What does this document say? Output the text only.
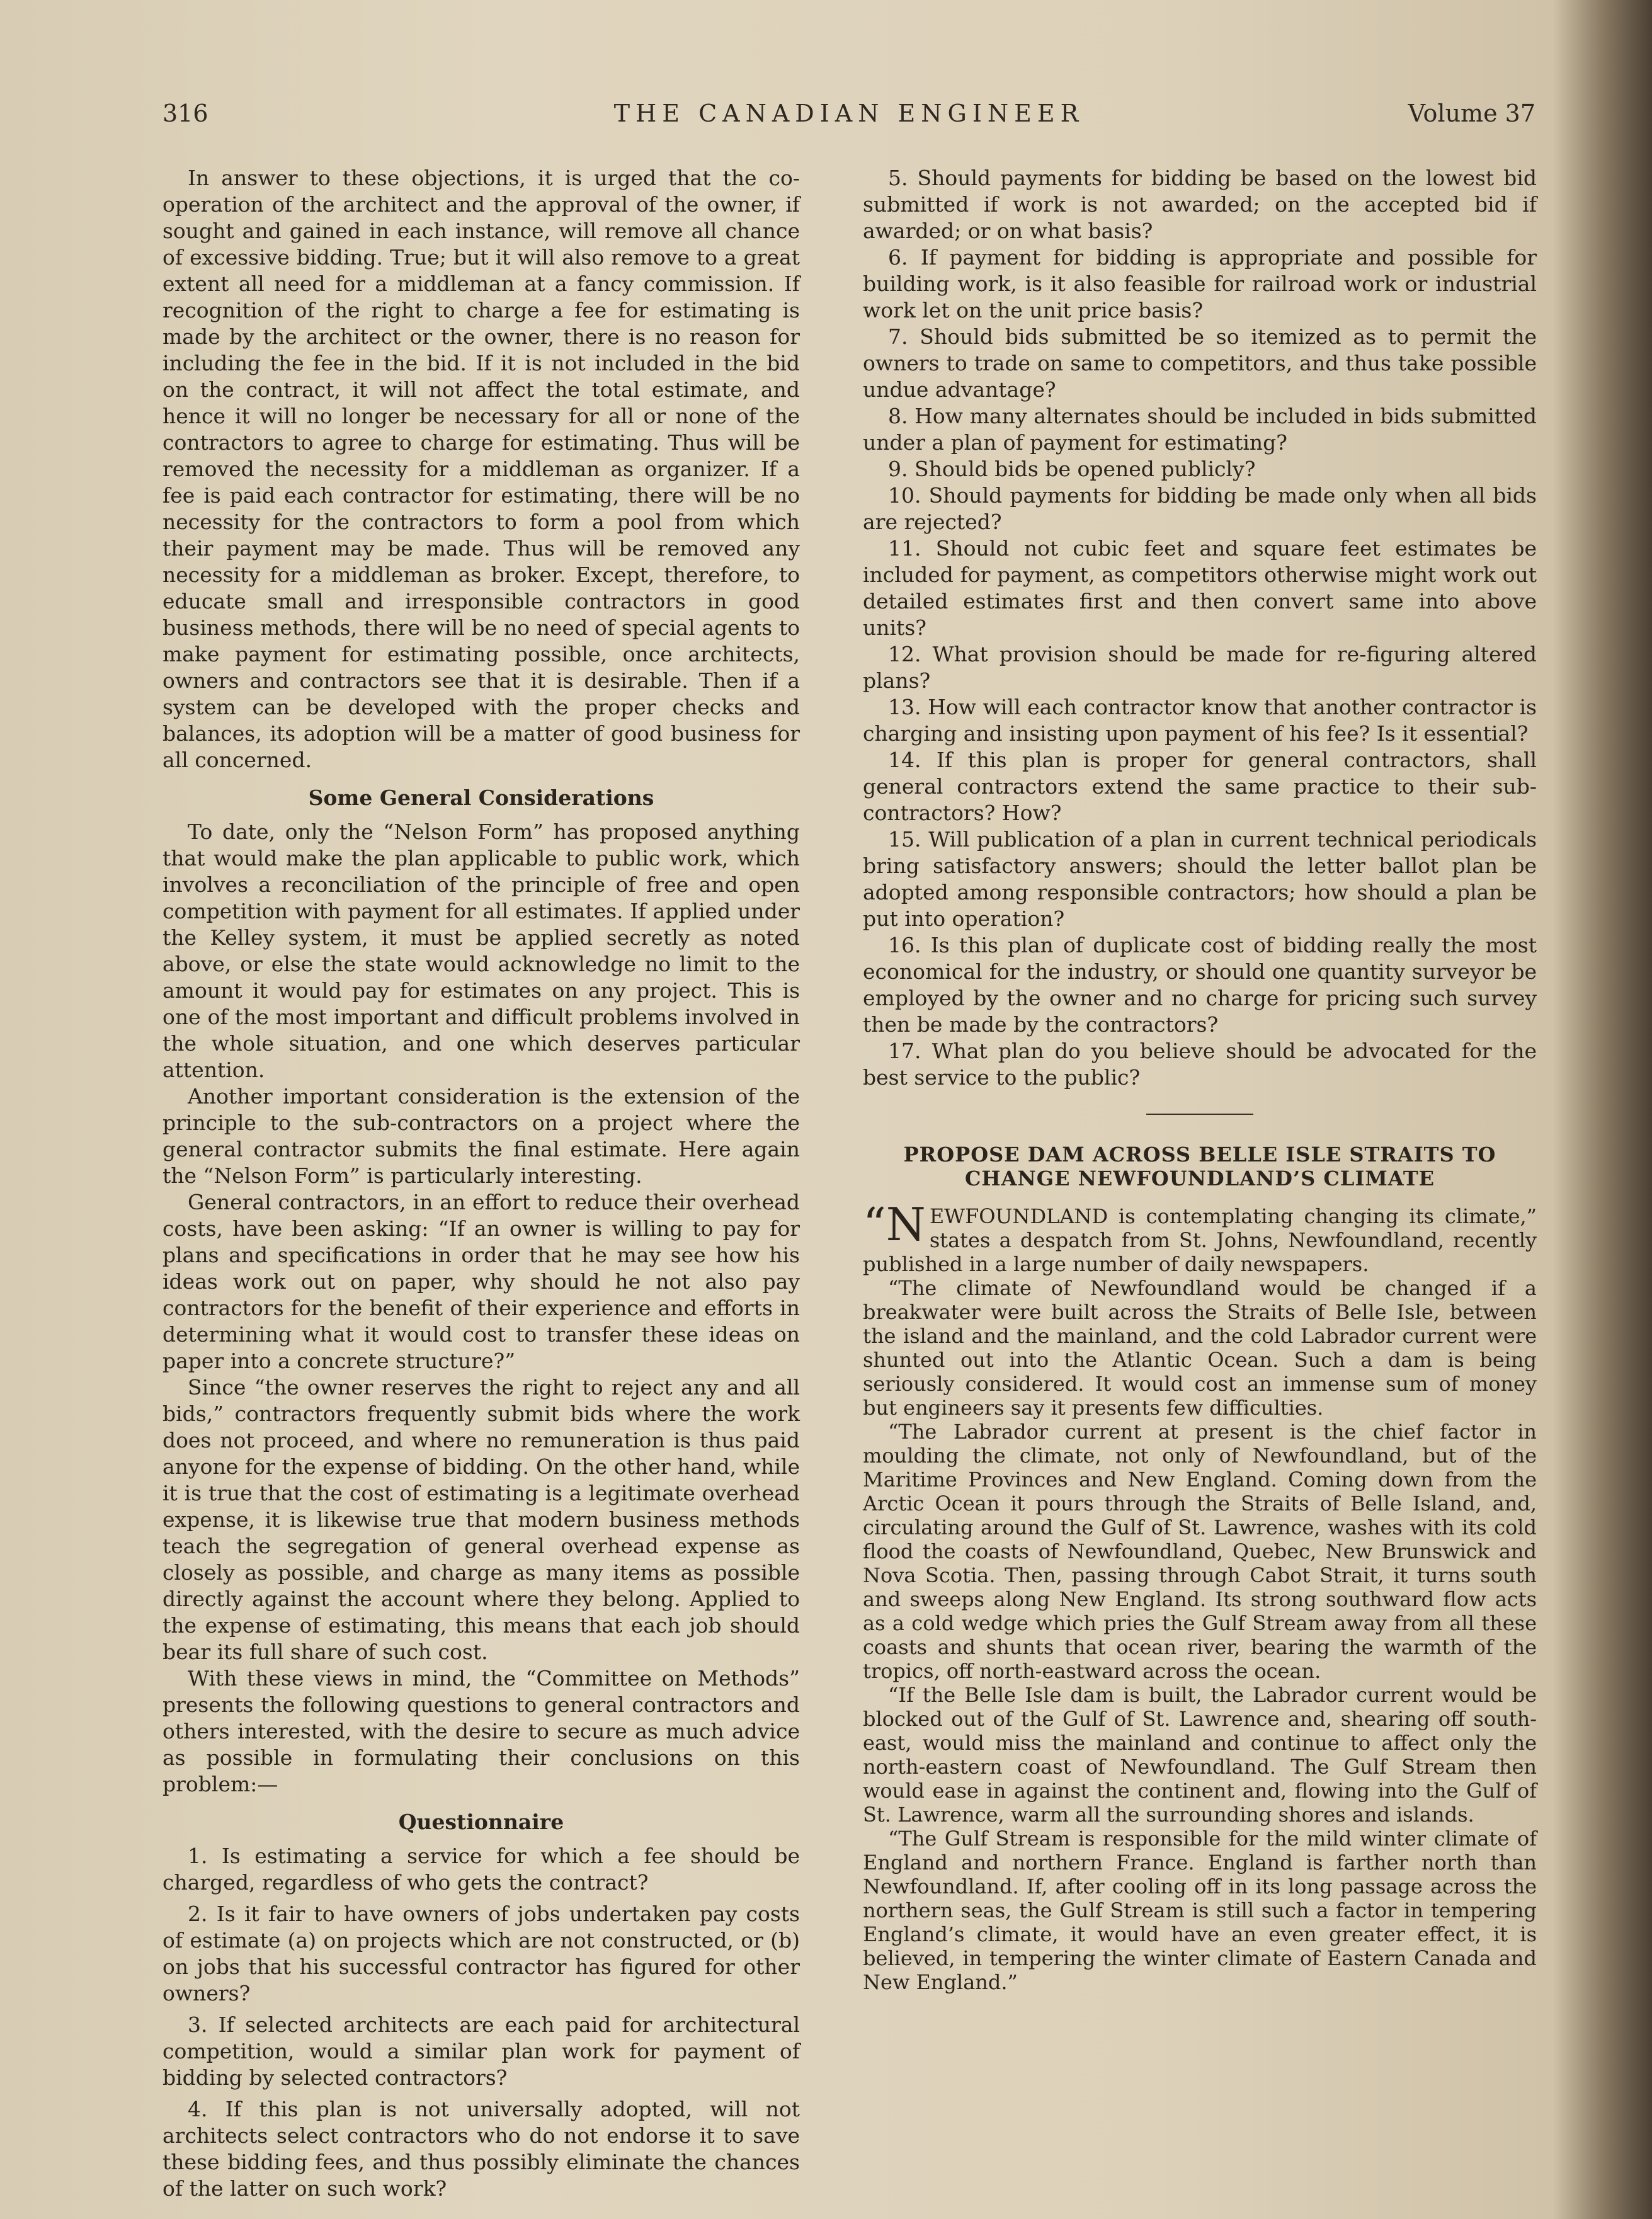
316	THE CANADIAN ENGINEER	Volume 37

In answer to these objections, it is urged that the co-operation of the architect and the approval of the owner, if sought and gained in each instance, will remove all chance of excessive bidding. True; but it will also remove to a great extent all need for a middleman at a fancy commission. If recognition of the right to charge a fee for estimating is made by the architect or the owner, there is no reason for including the fee in the bid. If it is not included in the bid on the contract, it will not affect the total estimate, and hence it will no longer be necessary for all or none of the contractors to agree to charge for estimating. Thus will be removed the necessity for a middleman as organizer. If a fee is paid each contractor for estimating, there will be no necessity for the contractors to form a pool from which their payment may be made. Thus will be removed any necessity for a middleman as broker. Except, therefore, to educate small and irresponsible contractors in good business methods, there will be no need of special agents to make payment for estimating possible, once architects, owners and contractors see that it is desirable. Then if a system can be developed with the proper checks and balances, its adoption will be a matter of good business for all concerned.

Some General Considerations

To date, only the “Nelson Form” has proposed anything that would make the plan applicable to public work, which involves a reconciliation of the principle of free and open competition with payment for all estimates. If applied under the Kelley system, it must be applied secretly as noted above, or else the state would acknowledge no limit to the amount it would pay for estimates on any project. This is one of the most important and difficult problems involved in the whole situation, and one which deserves particular attention.

Another important consideration is the extension of the principle to the sub-contractors on a project where the general contractor submits the final estimate. Here again the “Nelson Form” is particularly interesting.

General contractors, in an effort to reduce their overhead costs, have been asking: “If an owner is willing to pay for plans and specifications in order that he may see how his ideas work out on paper, why should he not also pay contractors for the benefit of their experience and efforts in determining what it would cost to transfer these ideas on paper into a concrete structure?”

Since “the owner reserves the right to reject any and all bids,” contractors frequently submit bids where the work does not proceed, and where no remuneration is thus paid anyone for the expense of bidding. On the other hand, while it is true that the cost of estimating is a legitimate overhead expense, it is likewise true that modern business methods teach the segregation of general overhead expense as closely as possible, and charge as many items as possible directly against the account where they belong. Applied to the expense of estimating, this means that each job should bear its full share of such cost.

With these views in mind, the “Committee on Methods” presents the following questions to general contractors and others interested, with the desire to secure as much advice as possible in formulating their conclusions on this problem:—

Questionnaire

1. Is estimating a service for which a fee should be charged, regardless of who gets the contract?

2. Is it fair to have owners of jobs undertaken pay costs of estimate (a) on projects which are not constructed, or (b) on jobs that his successful contractor has figured for other owners?

3. If selected architects are each paid for architectural competition, would a similar plan work for payment of bidding by selected contractors?

4. If this plan is not universally adopted, will not architects select contractors who do not endorse it to save these bidding fees, and thus possibly eliminate the chances of the latter on such work?

5. Should payments for bidding be based on the lowest bid submitted if work is not awarded; on the accepted bid if awarded; or on what basis?

6. If payment for bidding is appropriate and possible for building work, is it also feasible for railroad work or industrial work let on the unit price basis?

7. Should bids submitted be so itemized as to permit the owners to trade on same to competitors, and thus take possible undue advantage?

8. How many alternates should be included in bids submitted under a plan of payment for estimating?

9. Should bids be opened publicly?

10. Should payments for bidding be made only when all bids are rejected?

11. Should not cubic feet and square feet estimates be included for payment, as competitors otherwise might work out detailed estimates first and then convert same into above units?

12. What provision should be made for re-figuring altered plans?

13. How will each contractor know that another contractor is charging and insisting upon payment of his fee? Is it essential?

14. If this plan is proper for general contractors, shall general contractors extend the same practice to their sub-contractors? How?

15. Will publication of a plan in current technical periodicals bring satisfactory answers; should the letter ballot plan be adopted among responsible contractors; how should a plan be put into operation?

16. Is this plan of duplicate cost of bidding really the most economical for the industry, or should one quantity surveyor be employed by the owner and no charge for pricing such survey then be made by the contractors?

17. What plan do you believe should be advocated for the best service to the public?

PROPOSE DAM ACROSS BELLE ISLE STRAITS TO
CHANGE NEWFOUNDLAND’S CLIMATE

“NEWFOUNDLAND is contemplating changing its climate,” states a despatch from St. Johns, Newfoundland, recently published in a large number of daily newspapers.

“The climate of Newfoundland would be changed if a breakwater were built across the Straits of Belle Isle, between the island and the mainland, and the cold Labrador current were shunted out into the Atlantic Ocean. Such a dam is being seriously considered. It would cost an immense sum of money but engineers say it presents few difficulties.

“The Labrador current at present is the chief factor in moulding the climate, not only of Newfoundland, but of the Maritime Provinces and New England. Coming down from the Arctic Ocean it pours through the Straits of Belle Island, and, circulating around the Gulf of St. Lawrence, washes with its cold flood the coasts of Newfoundland, Quebec, New Brunswick and Nova Scotia. Then, passing through Cabot Strait, it turns south and sweeps along New England. Its strong southward flow acts as a cold wedge which pries the Gulf Stream away from all these coasts and shunts that ocean river, bearing the warmth of the tropics, off north-eastward across the ocean.

“If the Belle Isle dam is built, the Labrador current would be blocked out of the Gulf of St. Lawrence and, shearing off south-east, would miss the mainland and continue to affect only the north-eastern coast of Newfoundland. The Gulf Stream then would ease in against the continent and, flowing into the Gulf of St. Lawrence, warm all the surrounding shores and islands.

“The Gulf Stream is responsible for the mild winter climate of England and northern France. England is farther north than Newfoundland. If, after cooling off in its long passage across the northern seas, the Gulf Stream is still such a factor in tempering England’s climate, it would have an even greater effect, it is believed, in tempering the winter climate of Eastern Canada and New England.”
